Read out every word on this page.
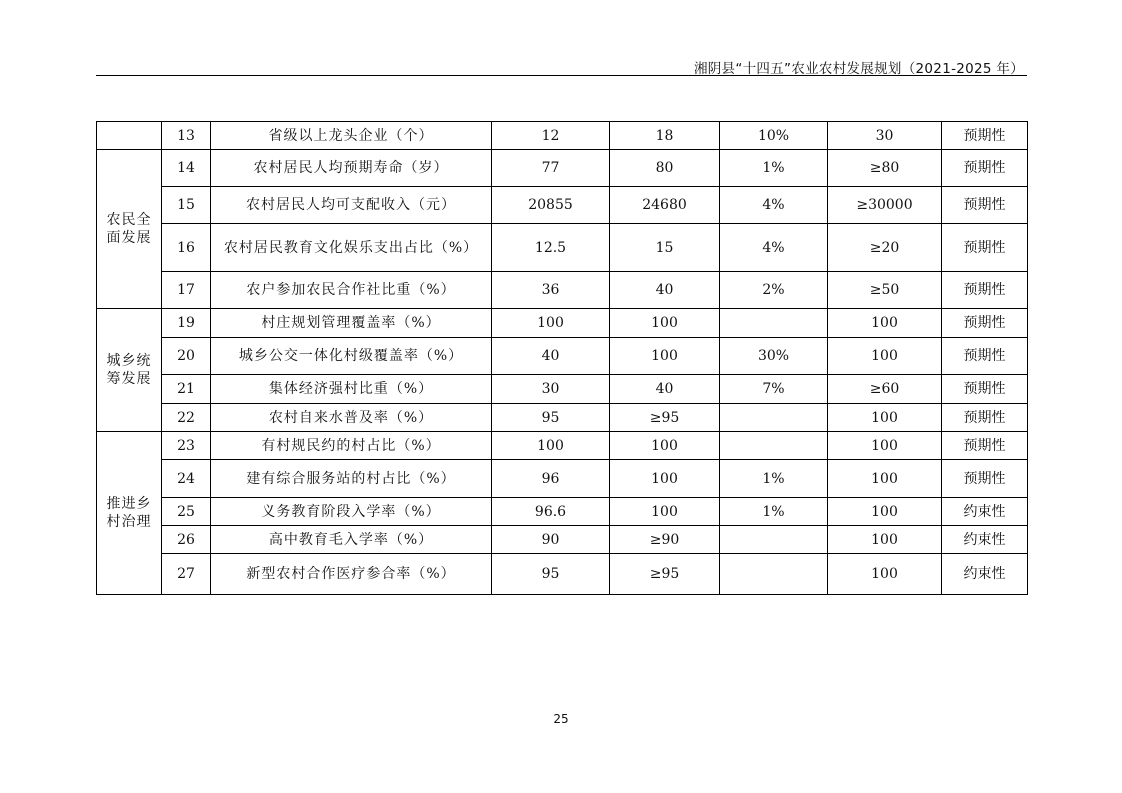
湘阴县“十四五”农业农村发展规划（2021-2025 年）
	13	省级以上龙头企业（个）	12	18	10%	30	预期性

农民全面发展	14	农村居民人均预期寿命（岁）	77	80	1%	≥80	预期性
	15	农村居民人均可支配收入（元）	20855	24680	4%	≥30000	预期性
	16	农村居民教育文化娱乐支出占比（%）	12.5	15	4%	≥20	预期性
	17	农户参加农民合作社比重（%）	36	40	2%	≥50	预期性

城乡统筹发展	19	村庄规划管理覆盖率（%）	100	100		100	预期性
	20	城乡公交一体化村级覆盖率（%）	40	100	30%	100	预期性
	21	集体经济强村比重（%）	30	40	7%	≥60	预期性
	22	农村自来水普及率（%）	95	≥95		100	预期性

推进乡村治理	23	有村规民约的村占比（%）	100	100		100	预期性
	24	建有综合服务站的村占比（%）	96	100	1%	100	预期性
	25	义务教育阶段入学率（%）	96.6	100	1%	100	约束性
	26	高中教育毛入学率（%）	90	≥90		100	约束性
	27	新型农村合作医疗参合率（%）	95	≥95		100	约束性
25
